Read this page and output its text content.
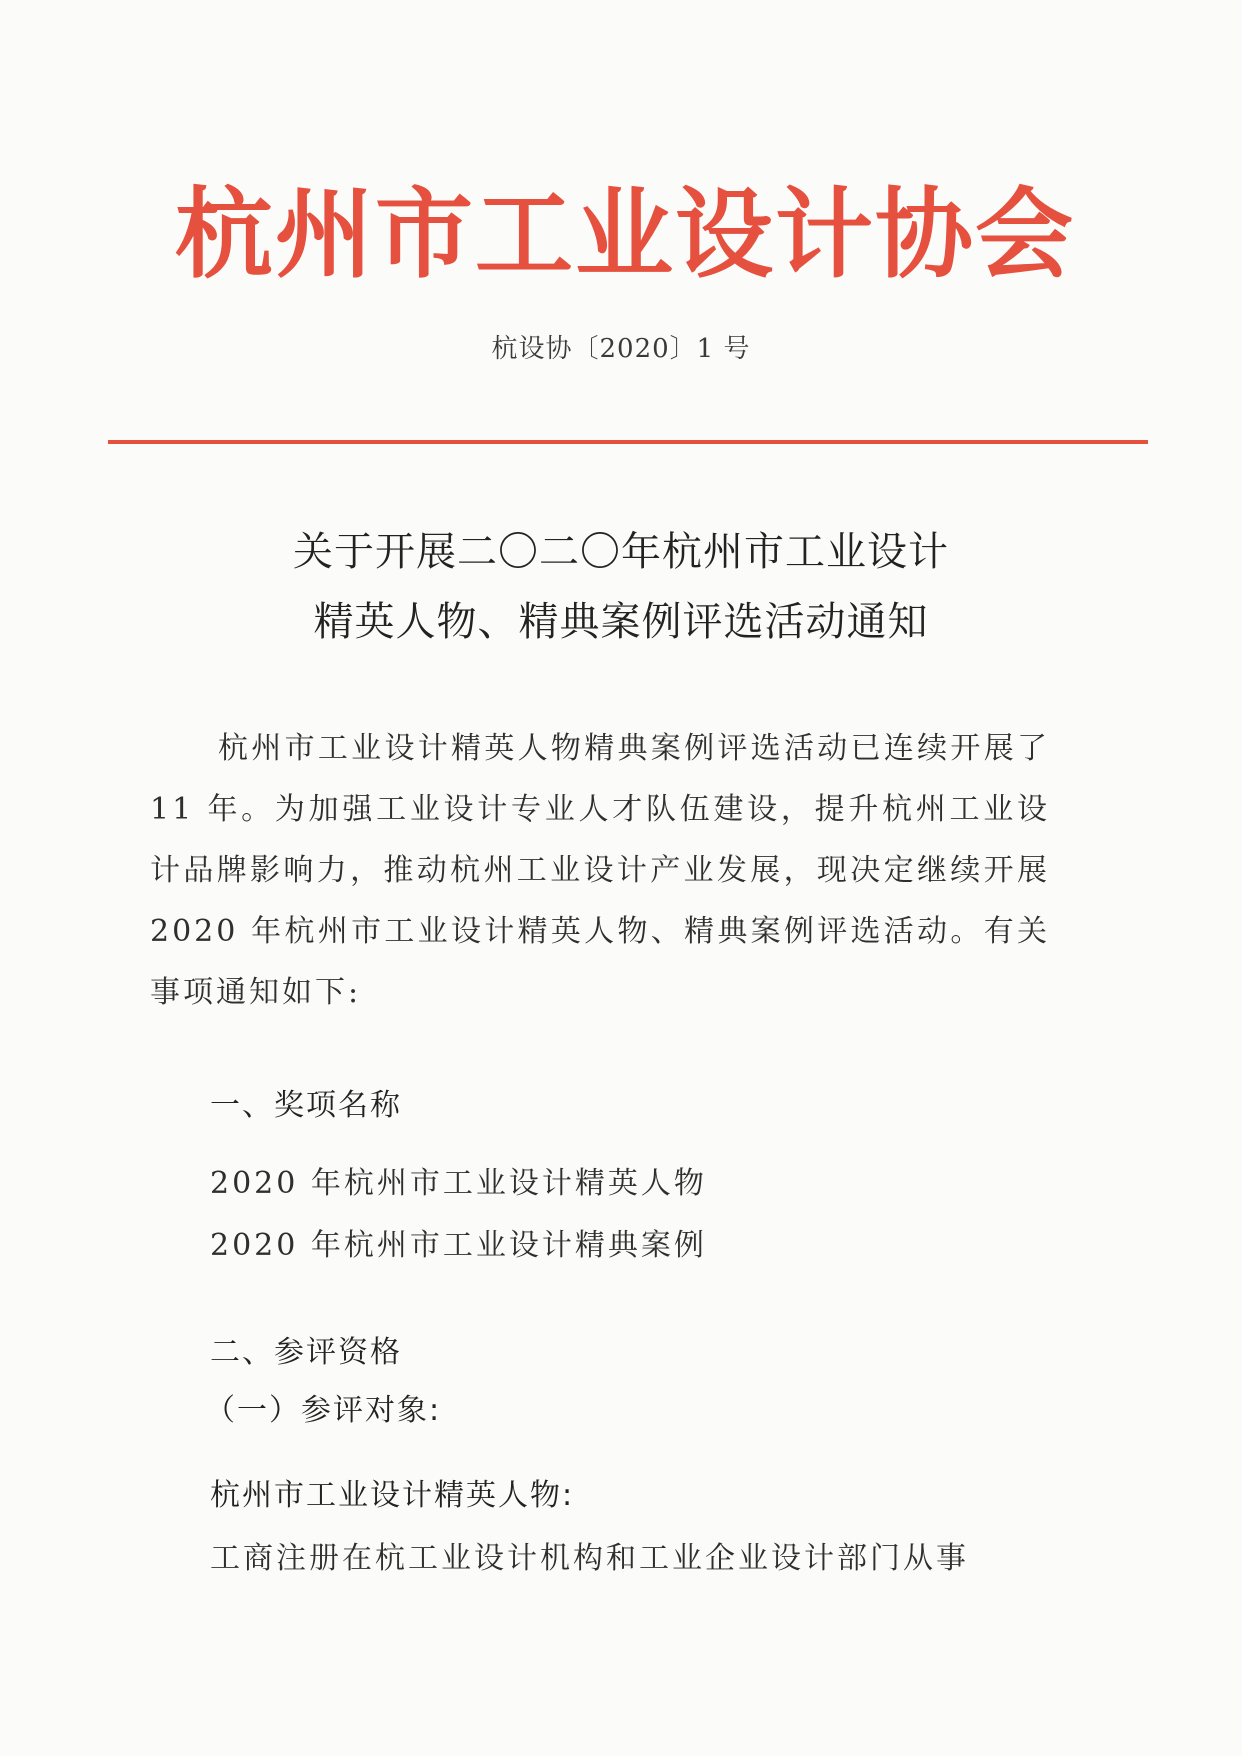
杭州市工业设计协会
杭设协〔2020〕1 号
关于开展二〇二〇年杭州市工业设计
精英人物、精典案例评选活动通知
杭州市工业设计精英人物精典案例评选活动已连续开展了 11 年。为加强工业设计专业人才队伍建设，提升杭州工业设计品牌影响力，推动杭州工业设计产业发展，现决定继续开展 2020 年杭州市工业设计精英人物、精典案例评选活动。有关事项通知如下:
一、奖项名称
2020 年杭州市工业设计精英人物
2020 年杭州市工业设计精典案例
二、参评资格
（一）参评对象:
杭州市工业设计精英人物:
工商注册在杭工业设计机构和工业企业设计部门从事
